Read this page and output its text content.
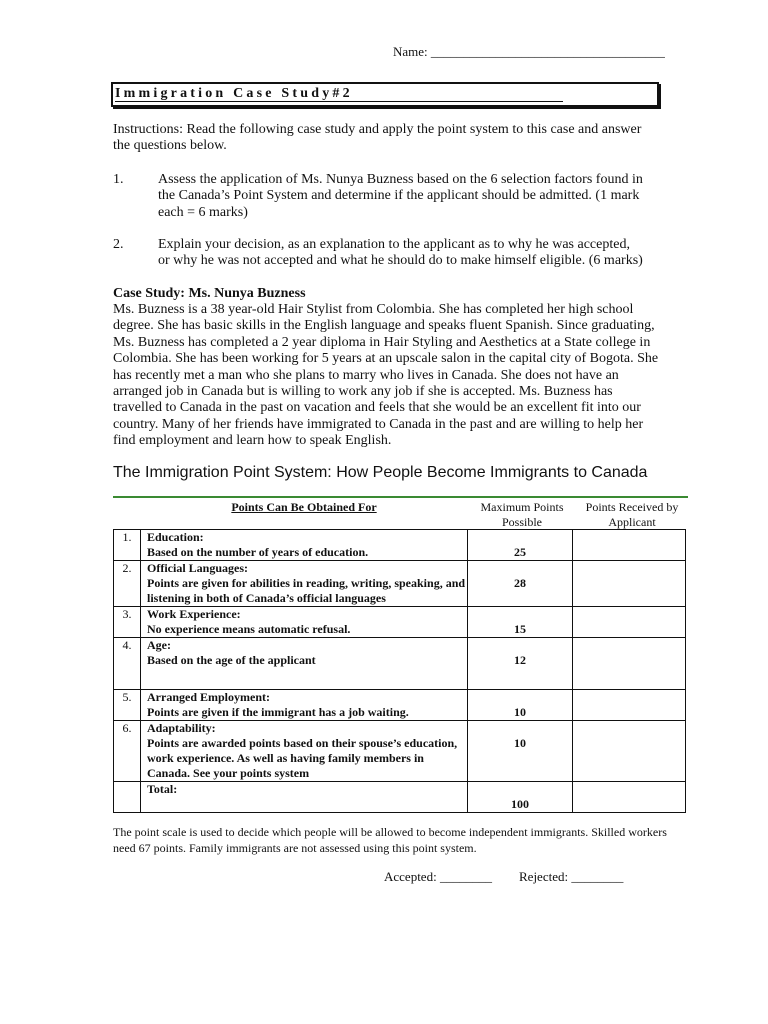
Name: ____________________________________
Immigration Case Study#2
Instructions: Read the following case study and apply the point system to this case and answer the questions below.
1. Assess the application of Ms. Nunya Buzness based on the 6 selection factors found in the Canada’s Point System and determine if the applicant should be admitted. (1 mark each = 6 marks)
2. Explain your decision, as an explanation to the applicant as to why he was accepted, or why he was not accepted and what he should do to make himself eligible. (6 marks)
Case Study: Ms. Nunya Buzness
Ms. Buzness is a 38 year-old Hair Stylist from Colombia. She has completed her high school degree. She has basic skills in the English language and speaks fluent Spanish. Since graduating, Ms. Buzness has completed a 2 year diploma in Hair Styling and Aesthetics at a State college in Colombia. She has been working for 5 years at an upscale salon in the capital city of Bogota. She has recently met a man who she plans to marry who lives in Canada. She does not have an arranged job in Canada but is willing to work any job if she is accepted. Ms. Buzness has travelled to Canada in the past on vacation and feels that she would be an excellent fit into our country. Many of her friends have immigrated to Canada in the past and are willing to help her find employment and learn how to speak English.
The Immigration Point System: How People Become Immigrants to Canada
Points Can Be Obtained For	Maximum Points Possible
Points Received by Applicant
1.	Education:
Based on the number of years of education.	25	
2.	Official Languages:
Points are given for abilities in reading, writing, speaking, and listening in both of Canada’s official languages	28	
3.	Work Experience:
No experience means automatic refusal.	15	
4.	Age:
Based on the age of the applicant	12	
5.	Arranged Employment:
Points are given if the immigrant has a job waiting.	10	
6.	Adaptability:
Points are awarded points based on their spouse’s education, work experience. As well as having family members in Canada. See your points system	10	
	Total:	100	
The point scale is used to decide which people will be allowed to become independent immigrants. Skilled workers need 67 points. Family immigrants are not assessed using this point system.
Accepted: ________ Rejected: ________
